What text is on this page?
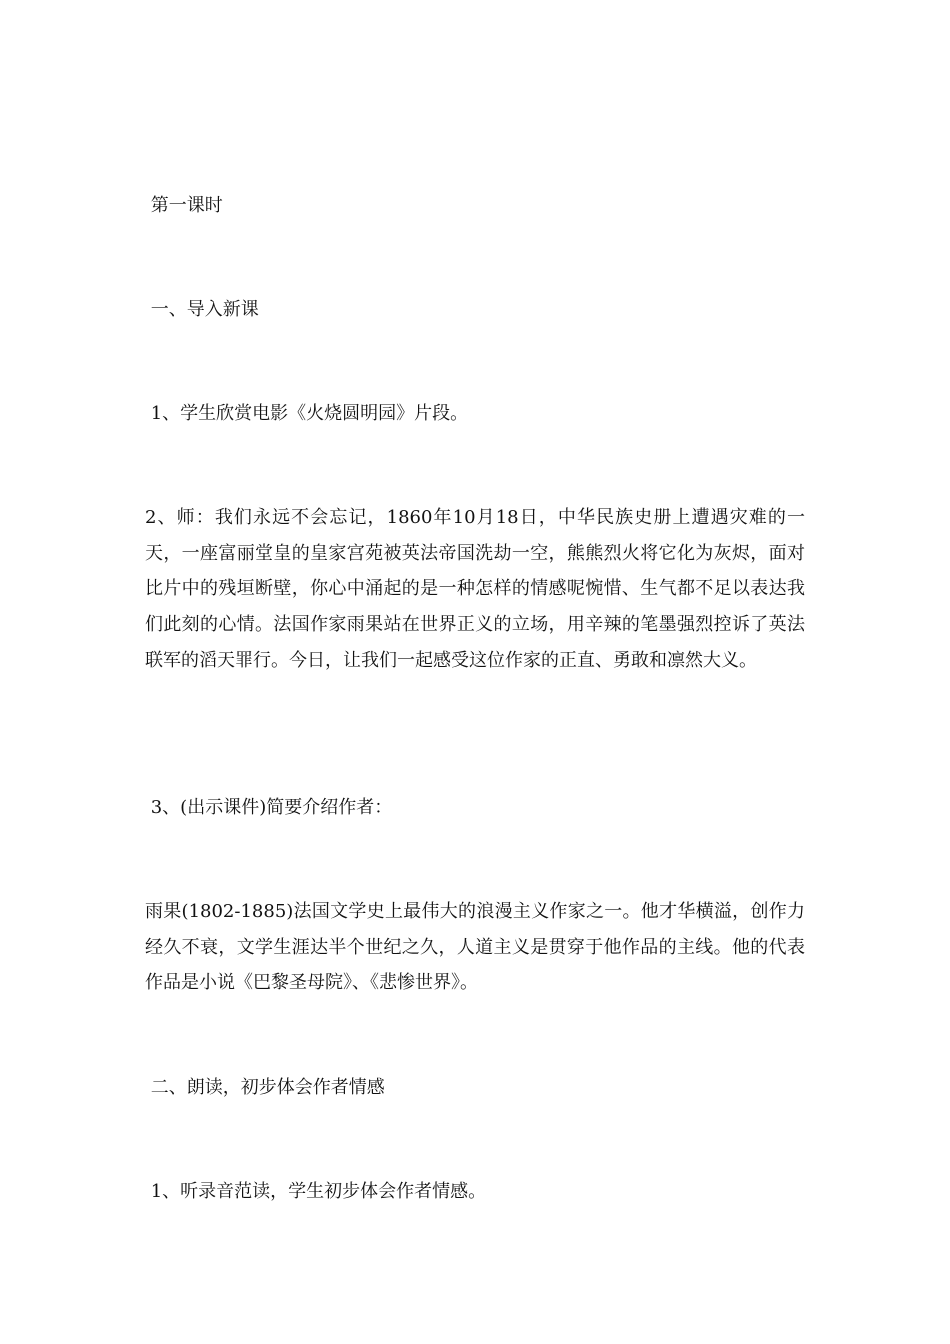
第一课时
一、导入新课
1、学生欣赏电影《火烧圆明园》片段。
2、师：我们永远不会忘记，1860年10月18日，中华民族史册上遭遇灾难的一天，一座富丽堂皇的皇家宫苑被英法帝国洗劫一空，熊熊烈火将它化为灰烬，面对比片中的残垣断壁，你心中涌起的是一种怎样的情感呢惋惜、生气都不足以表达我们此刻的心情。法国作家雨果站在世界正义的立场，用辛辣的笔墨强烈控诉了英法联军的滔天罪行。今日，让我们一起感受这位作家的正直、勇敢和凛然大义。
3、(出示课件)简要介绍作者：
雨果(1802-1885)法国文学史上最伟大的浪漫主义作家之一。他才华横溢，创作力经久不衰，文学生涯达半个世纪之久，人道主义是贯穿于他作品的主线。他的代表作品是小说《巴黎圣母院》、《悲惨世界》。
二、朗读，初步体会作者情感
1、听录音范读，学生初步体会作者情感。
